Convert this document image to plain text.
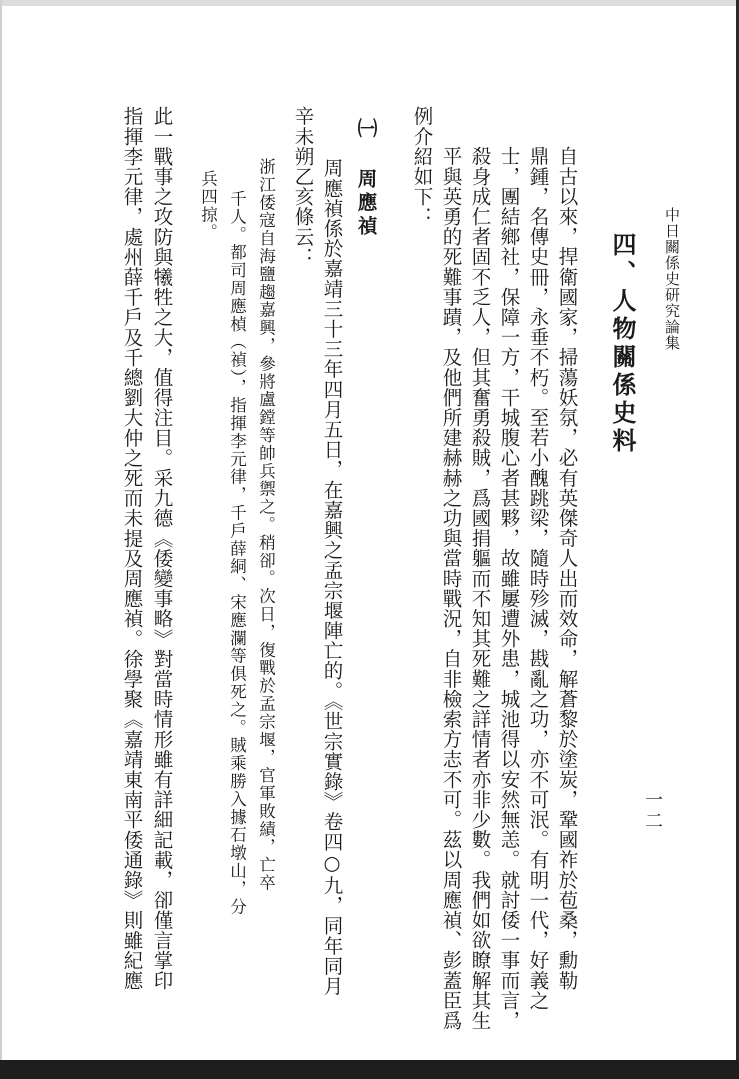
中日關係史研究論集

一二

四、人物關係史料

自古以來，捍衛國家，掃蕩妖氛，必有英傑奇人出而效命，解蒼黎於塗炭，鞏國祚於苞桑，勳勒

鼎鍾，名傳史冊，永垂不朽。至若小醜跳梁，隨時殄滅，戡亂之功，亦不可泯。有明一代，好義之

士，團結鄉社，保障一方，干城腹心者甚夥，故雖屢遭外患，城池得以安然無恙。就討倭一事而言，

殺身成仁者固不乏人，但其奮勇殺賊，爲國捐軀而不知其死難之詳情者亦非少數。我們如欲瞭解其生

平與英勇的死難事蹟，及他們所建赫赫之功與當時戰況，自非檢索方志不可。茲以周應禎、彭蓋臣爲

例介紹如下：

㈠ 周應禎

周應禎係於嘉靖三十三年四月五日，在嘉興之孟宗堰陣亡的。《世宗實錄》卷四○九，同年同月

辛未朔乙亥條云：

浙江倭寇自海鹽趨嘉興，參將盧鏜等帥兵禦之。稍卻。次日，復戰於孟宗堰，官軍敗績，亡卒

千人。都司周應楨（禎），指揮李元律，千戶薛絧、宋應瀾等俱死之。賊乘勝入據石墩山，分

兵四掠。

此一戰事之攻防與犧牲之大，值得注目。采九德《倭變事略》對當時情形雖有詳細記載，卻僅言掌印

指揮李元律，處州薛千戶及千總劉大仲之死而未提及周應禎。徐學聚《嘉靖東南平倭通錄》則雖紀應
